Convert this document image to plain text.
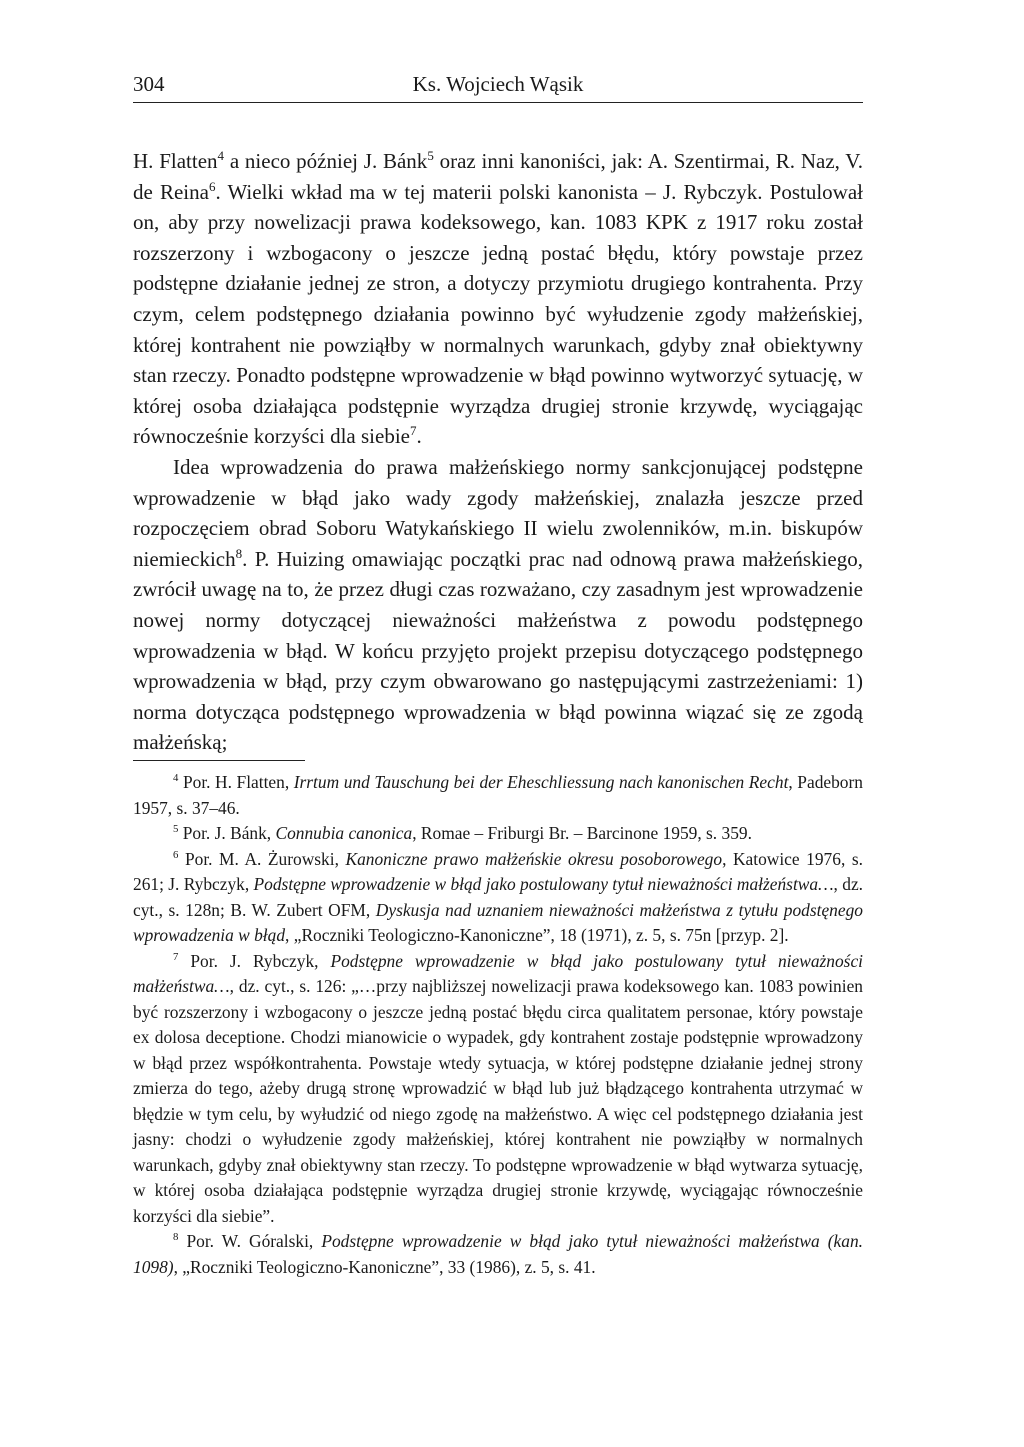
304	Ks. Wojciech Wąsik

H. Flatten$^4$ a nieco później J. Bánk$^5$ oraz inni kanoniści, jak: A. Szentirmai, R. Naz, V. de Reina$^6$. Wielki wkład ma w tej materii polski kanonista – J. Rybczyk. Postulował on, aby przy nowelizacji prawa kodeksowego, kan. 1083 KPK z 1917 roku został rozszerzony i wzbogacony o jeszcze jedną postać błędu, który powstaje przez podstępne działanie jednej ze stron, a dotyczy przymiotu drugiego kontrahenta. Przy czym, celem podstępnego działania powinno być wyłudzenie zgody małżeńskiej, której kontrahent nie powziąłby w normalnych warunkach, gdyby znał obiektywny stan rzeczy. Ponadto podstępne wprowadzenie w błąd powinno wytworzyć sytuację, w której osoba działająca podstępnie wyrządza drugiej stronie krzywdę, wyciągając równocześnie korzyści dla siebie$^7$.

Idea wprowadzenia do prawa małżeńskiego normy sankcjonującej podstępne wprowadzenie w błąd jako wady zgody małżeńskiej, znalazła jeszcze przed rozpoczęciem obrad Soboru Watykańskiego II wielu zwolenników, m.in. biskupów niemieckich$^8$. P. Huizing omawiając początki prac nad odnową prawa małżeńskiego, zwrócił uwagę na to, że przez długi czas rozważano, czy zasadnym jest wprowadzenie nowej normy dotyczącej nieważności małżeństwa z powodu podstępnego wprowadzenia w błąd. W końcu przyjęto projekt przepisu dotyczącego podstępnego wprowadzenia w błąd, przy czym obwarowano go następującymi zastrzeżeniami: 1) norma dotycząca podstępnego wprowadzenia w błąd powinna wiązać się ze zgodą małżeńską;

$^4$ Por. H. Flatten, Irrtum und Tauschung bei der Eheschliessung nach kanonischen Recht, Padeborn 1957, s. 37–46.

$^5$ Por. J. Bánk, Connubia canonica, Romae – Friburgi Br. – Barcinone 1959, s. 359.

$^6$ Por. M. A. Żurowski, Kanoniczne prawo małżeńskie okresu posoborowego, Katowice 1976, s. 261; J. Rybczyk, Podstępne wprowadzenie w błąd jako postulowany tytuł nieważności małżeństwa…, dz. cyt., s. 128n; B. W. Zubert OFM, Dyskusja nad uznaniem nieważności małżeństwa z tytułu podstęnego wprowadzenia w błąd, „Roczniki Teologiczno-Kanoniczne”, 18 (1971), z. 5, s. 75n [przyp. 2].

$^7$ Por. J. Rybczyk, Podstępne wprowadzenie w błąd jako postulowany tytuł nieważności małżeństwa…, dz. cyt., s. 126: „…przy najbliższej nowelizacji prawa kodeksowego kan. 1083 powinien być rozszerzony i wzbogacony o jeszcze jedną postać błędu circa qualitatem personae, który powstaje ex dolosa deceptione. Chodzi mianowicie o wypadek, gdy kontrahent zostaje podstępnie wprowadzony w błąd przez współkontrahenta. Powstaje wtedy sytuacja, w której podstępne działanie jednej strony zmierza do tego, ażeby drugą stronę wprowadzić w błąd lub już błądzącego kontrahenta utrzymać w błędzie w tym celu, by wyłudzić od niego zgodę na małżeństwo. A więc cel podstępnego działania jest jasny: chodzi o wyłudzenie zgody małżeńskiej, której kontrahent nie powziąłby w normalnych warunkach, gdyby znał obiektywny stan rzeczy. To podstępne wprowadzenie w błąd wytwarza sytuację, w której osoba działająca podstępnie wyrządza drugiej stronie krzywdę, wyciągając równocześnie korzyści dla siebie”.

$^8$ Por. W. Góralski, Podstępne wprowadzenie w błąd jako tytuł nieważności małżeństwa (kan. 1098), „Roczniki Teologiczno-Kanoniczne”, 33 (1986), z. 5, s. 41.
